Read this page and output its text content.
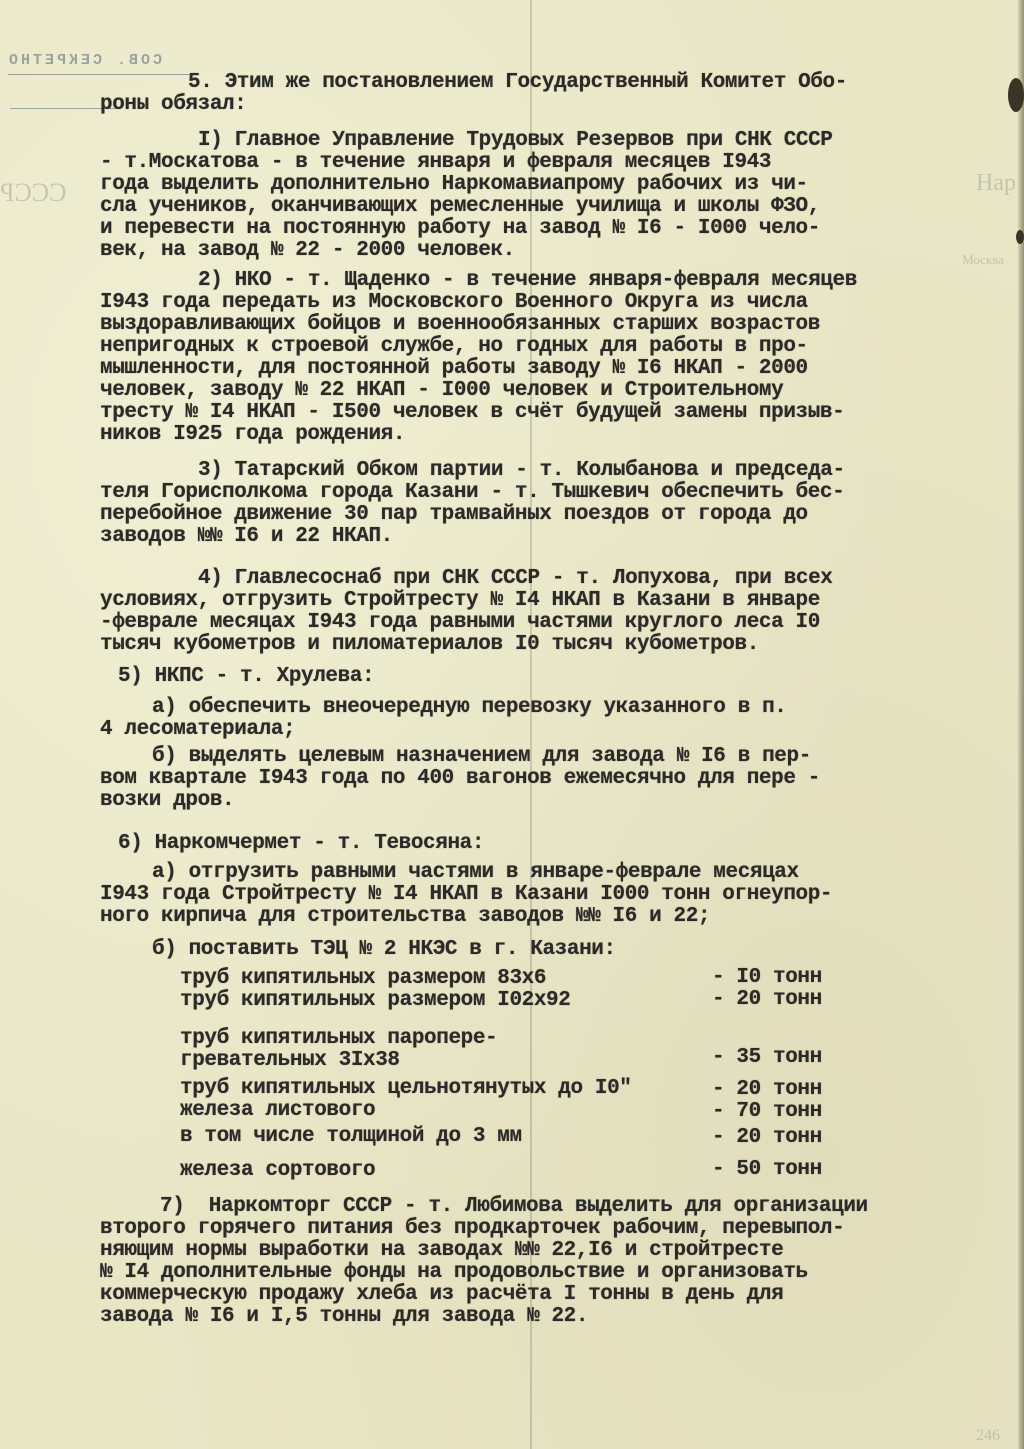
СОВ. СЕКРЕТНО
СССР	Нар
Москва
246
5. Этим же постановлением Государственный Комитет Обо-
роны обязал:
I) Главное Управление Трудовых Резервов при СНК СССР
- т.Москатова - в течение января и февраля месяцев I943
года выделить дополнительно Наркомавиапрому рабочих из чи-
сла учеников, оканчивающих ремесленные училища и школы ФЗО,
и перевести на постоянную работу на завод № I6 - I000 чело-
век, на завод № 22 - 2000 человек.
2) НКО - т. Щаденко - в течение января-февраля месяцев
I943 года передать из Московского Военного Округа из числа
выздоравливающих бойцов и военнообязанных старших возрастов
непригодных к строевой службе, но годных для работы в про-
мышленности, для постоянной работы заводу № I6 НКАП - 2000
человек, заводу № 22 НКАП - I000 человек и Строительному
тресту № I4 НКАП - I500 человек в счёт будущей замены призыв-
ников I925 года рождения.
3) Татарский Обком партии - т. Колыбанова и председа-
теля Горисполкома города Казани - т. Тышкевич обеспечить бес-
перебойное движение 30 пар трамвайных поездов от города до
заводов №№ I6 и 22 НКАП.
4) Главлесоснаб при СНК СССР - т. Лопухова, при всех
условиях, отгрузить Стройтресту № I4 НКАП в Казани в январе
-феврале месяцах I943 года равными частями круглого леса I0
тысяч кубометров и пиломатериалов I0 тысяч кубометров.
5) НКПС - т. Хрулева:
а) обеспечить внеочередную перевозку указанного в п.
4 лесоматериала;
б) выделять целевым назначением для завода № I6 в пер-
вом квартале I943 года по 400 вагонов ежемесячно для пере -
возки дров.
6) Наркомчермет - т. Тевосяна:
а) отгрузить равными частями в январе-феврале месяцах
I943 года Стройтресту № I4 НКАП в Казани I000 тонн огнеупор-
ного кирпича для строительства заводов №№ I6 и 22;
б) поставить ТЭЦ № 2 НКЭС в г. Казани:
7)  Наркомторг СССР - т. Любимова выделить для организации
второго горячего питания без продкарточек рабочим, перевыпол-
няющим нормы выработки на заводах №№ 22,I6 и стройтресте
№ I4 дополнительные фонды на продовольствие и организовать
коммерческую продажу хлеба из расчёта I тонны в день для
завода № I6 и I,5 тонны для завода № 22.
труб кипятильных размером 83х6	- I0 тонн
труб кипятильных размером I02х92	- 20 тонн
труб кипятильных паропере-
гревательных 3Iх38	- 35 тонн
труб кипятильных цельнотянутых до I0"	- 20 тонн
железа листового	- 70 тонн
в том числе толщиной до 3 мм	- 20 тонн
железа сортового	- 50 тонн
